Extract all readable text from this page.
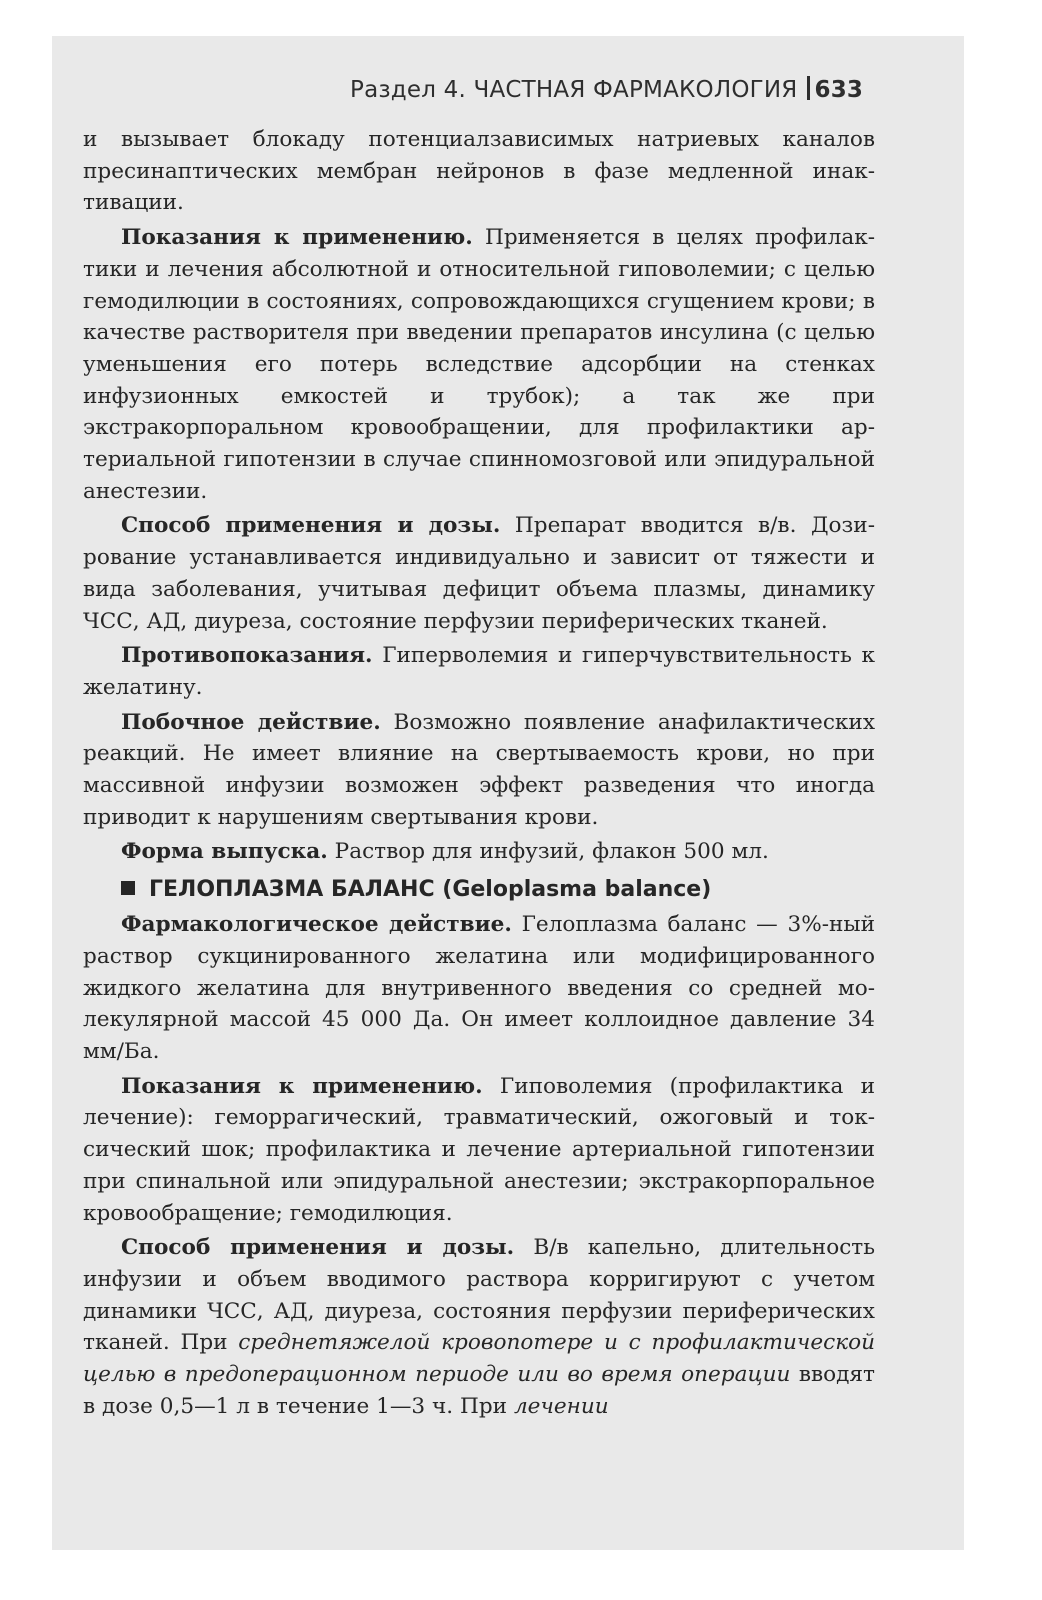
Раздел 4. ЧАСТНАЯ ФАРМАКОЛОГИЯ 633

и вызывает блокаду потенциалзависимых натриевых каналов пресинаптических мембран нейронов в фазе медленной инактивации.

Показания к применению. Применяется в целях профилактики и лечения абсолютной и относительной гиповолемии; с целью гемодилюции в состояниях, сопровождающихся сгущением крови; в качестве растворителя при введении препаратов инсулина (с целью уменьшения его потерь вследствие адсорбции на стенках инфузионных емкостей и трубок); а так же при экстракорпоральном кровообращении, для профилактики артериальной гипотензии в случае спинномозговой или эпидуральной анестезии.

Способ применения и дозы. Препарат вводится в/в. Дозирование устанавливается индивидуально и зависит от тяжести и вида заболевания, учитывая дефицит объема плазмы, динамику ЧСС, АД, диуреза, состояние перфузии периферических тканей.

Противопоказания. Гиперволемия и гиперчувствительность к желатину.

Побочное действие. Возможно появление анафилактических реакций. Не имеет влияние на свертываемость крови, но при массивной инфузии возможен эффект разведения что иногда приводит к нарушениям свертывания крови.

Форма выпуска. Раствор для инфузий, флакон 500 мл.

ГЕЛОПЛАЗМА БАЛАНС (Geloplasma balance)

Фармакологическое действие. Гелоплазма баланс — 3%-ный раствор сукцинированного желатина или модифицированного жидкого желатина для внутривенного введения со средней молекулярной массой 45 000 Да. Он имеет коллоидное давление 34 мм/Ба.

Показания к применению. Гиповолемия (профилактика и лечение): геморрагический, травматический, ожоговый и токсический шок; профилактика и лечение артериальной гипотензии при спинальной или эпидуральной анестезии; экстракорпоральное кровообращение; гемодилюция.

Способ применения и дозы. В/в капельно, длительность инфузии и объем вводимого раствора корригируют с учетом динамики ЧСС, АД, диуреза, состояния перфузии периферических тканей. При среднетяжелой кровопотере и с профилактической целью в предоперационном периоде или во время операции вводят в дозе 0,5—1 л в течение 1—3 ч. При лечении
